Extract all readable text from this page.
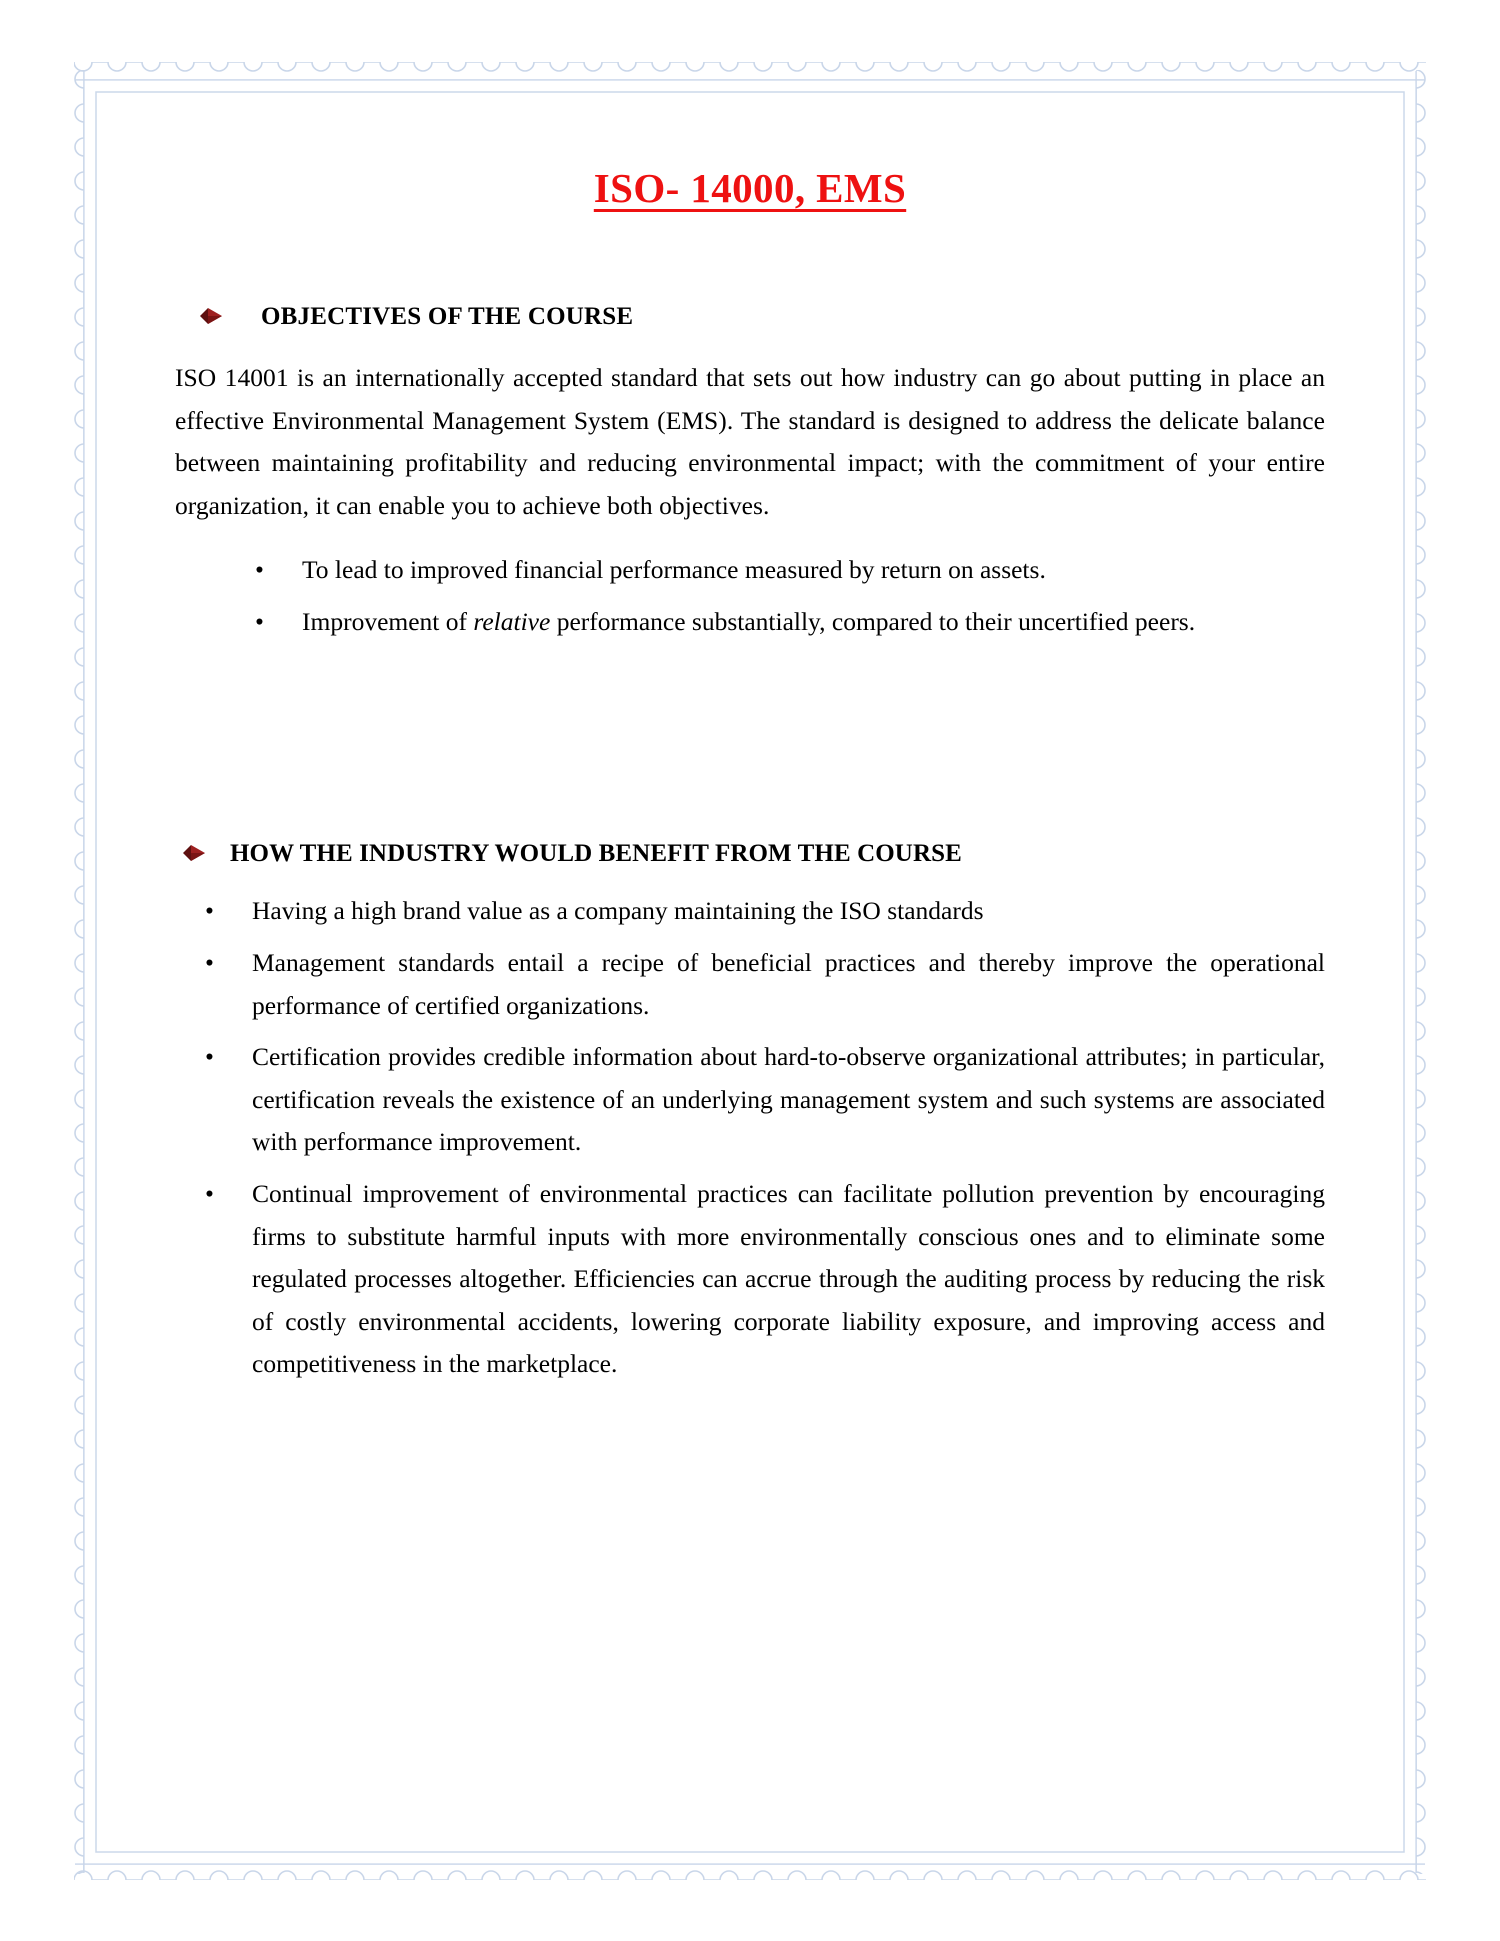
ISO- 14000, EMS
OBJECTIVES OF THE COURSE

ISO 14001 is an internationally accepted standard that sets out how industry can go about putting in place an effective Environmental Management System (EMS). The standard is designed to address the delicate balance between maintaining profitability and reducing environmental impact; with the commitment of your entire organization, it can enable you to achieve both objectives.

• To lead to improved financial performance measured by return on assets.
• Improvement of relative performance substantially, compared to their uncertified peers.
HOW THE INDUSTRY WOULD BENEFIT FROM THE COURSE
• Having a high brand value as a company maintaining the ISO standards
• Management standards entail a recipe of beneficial practices and thereby improve the operational performance of certified organizations.
• Certification provides credible information about hard-to-observe organizational attributes; in particular, certification reveals the existence of an underlying management system and such systems are associated with performance improvement.
• Continual improvement of environmental practices can facilitate pollution prevention by encouraging firms to substitute harmful inputs with more environmentally conscious ones and to eliminate some regulated processes altogether. Efficiencies can accrue through the auditing process by reducing the risk of costly environmental accidents, lowering corporate liability exposure, and improving access and competitiveness in the marketplace.
